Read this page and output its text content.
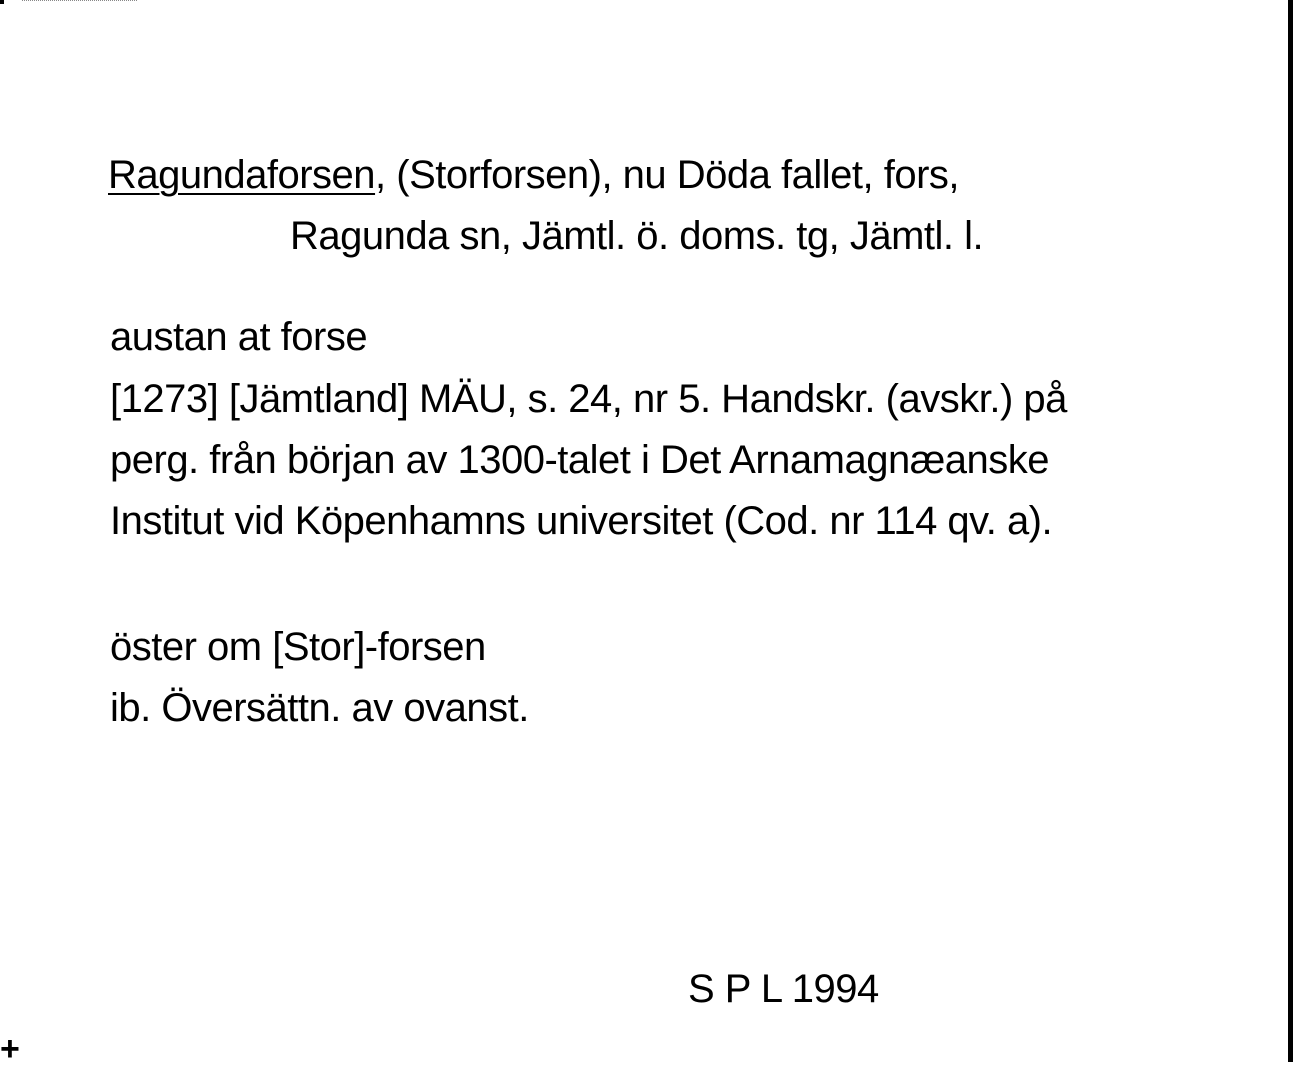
Ragundaforsen, (Storforsen), nu Döda fallet, fors,
Ragunda sn, Jämtl. ö. doms. tg, Jämtl. l.
austan at forse
[1273] [Jämtland] MÄU, s. 24, nr 5. Handskr. (avskr.) på
perg. från början av 1300-talet i Det Arnamagnæanske
Institut vid Köpenhamns universitet (Cod. nr 114 qv. a).
öster om [Stor]-forsen
ib. Översättn. av ovanst.
S P L 1994
+
